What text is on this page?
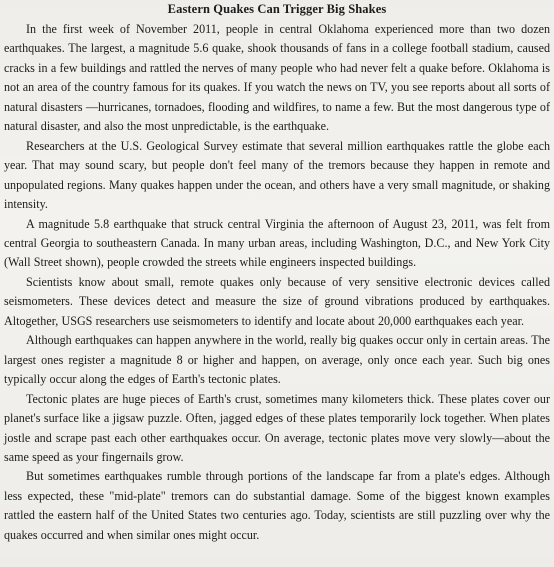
Eastern Quakes Can Trigger Big Shakes

In the first week of November 2011, people in central Oklahoma experienced more than two dozen earthquakes. The largest, a magnitude 5.6 quake, shook thousands of fans in a college football stadium, caused cracks in a few buildings and rattled the nerves of many people who had never felt a quake before. Oklahoma is not an area of the country famous for its quakes. If you watch the news on TV, you see reports about all sorts of natural disasters —hurricanes, tornadoes, flooding and wildfires, to name a few. But the most dangerous type of natural disaster, and also the most unpredictable, is the earthquake.

Researchers at the U.S. Geological Survey estimate that several million earthquakes rattle the globe each year. That may sound scary, but people don't feel many of the tremors because they happen in remote and unpopulated regions. Many quakes happen under the ocean, and others have a very small magnitude, or shaking intensity.

A magnitude 5.8 earthquake that struck central Virginia the afternoon of August 23, 2011, was felt from central Georgia to southeastern Canada. In many urban areas, including Washington, D.C., and New York City (Wall Street shown), people crowded the streets while engineers inspected buildings.

Scientists know about small, remote quakes only because of very sensitive electronic devices called seismometers. These devices detect and measure the size of ground vibrations produced by earthquakes. Altogether, USGS researchers use seismometers to identify and locate about 20,000 earthquakes each year.

Although earthquakes can happen anywhere in the world, really big quakes occur only in certain areas. The largest ones register a magnitude 8 or higher and happen, on average, only once each year. Such big ones typically occur along the edges of Earth's tectonic plates.

Tectonic plates are huge pieces of Earth's crust, sometimes many kilometers thick. These plates cover our planet's surface like a jigsaw puzzle. Often, jagged edges of these plates temporarily lock together. When plates jostle and scrape past each other earthquakes occur. On average, tectonic plates move very slowly—about the same speed as your fingernails grow.

But sometimes earthquakes rumble through portions of the landscape far from a plate's edges. Although less expected, these "mid-plate" tremors can do substantial damage. Some of the biggest known examples rattled the eastern half of the United States two centuries ago. Today, scientists are still puzzling over why the quakes occurred and when similar ones might occur.
